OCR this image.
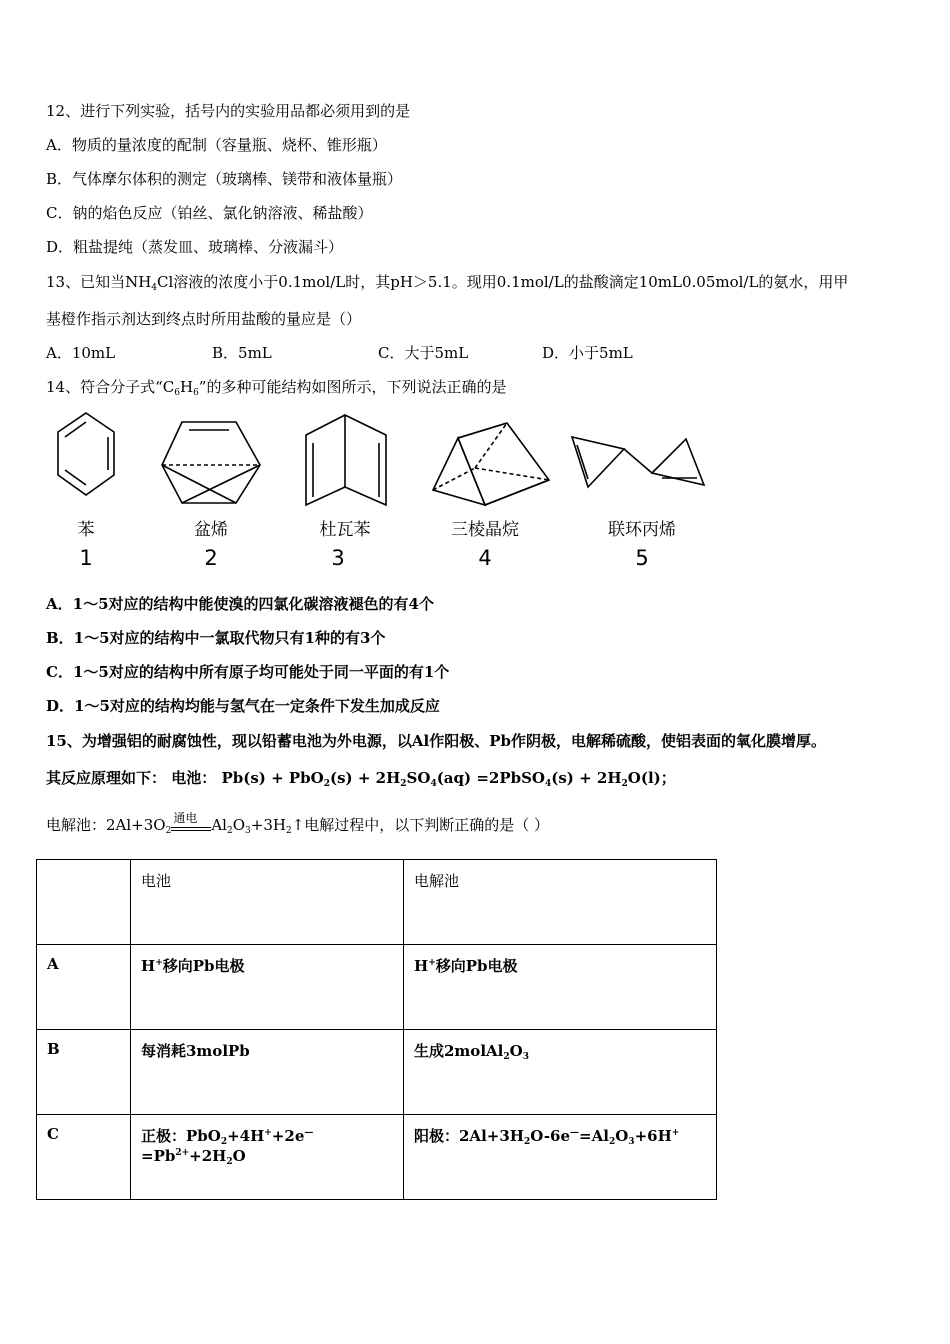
12、进行下列实验，括号内的实验用品都必须用到的是
A．物质的量浓度的配制（容量瓶、烧杯、锥形瓶）
B．气体摩尔体积的测定（玻璃棒、镁带和液体量瓶）
C．钠的焰色反应（铂丝、氯化钠溶液、稀盐酸）
D．粗盐提纯（蒸发皿、玻璃棒、分液漏斗）
13、已知当$NH_4Cl$溶液的浓度小于0.1mol/L时，其pH＞5.1。现用0.1mol/L的盐酸滴定10mL0.05mol/L的氨水，用甲
基橙作指示剂达到终点时所用盐酸的量应是（）
A．10mL	B．5mL	C．大于5mL	D．小于5mL
14、符合分子式“$C_6H_6$”的多种可能结构如图所示，下列说法正确的是
苯	盆烯	杜瓦苯	三棱晶烷	联环丙烯
1	2	3	4	5
A．1～5对应的结构中能使溴的四氯化碳溶液褪色的有4个
B．1～5对应的结构中一氯取代物只有1种的有3个
C．1～5对应的结构中所有原子均可能处于同一平面的有1个
D．1～5对应的结构均能与氢气在一定条件下发生加成反应
15、为增强铝的耐腐蚀性，现以铅蓄电池为外电源，以Al作阳极、Pb作阴极，电解稀硫酸，使铝表面的氧化膜增厚。
其反应原理如下： 电池： $Pb(s) + PbO_2(s) + 2H_2SO_4(aq)$ =2PbSO$_4$(s) + $2H_2O(l)$；
电解池：$2Al+3O_2$
通电 $Al_2O_3+3H_2↑$电解过程中，以下判断正确的是（ ）
	电池	电解池
A	H+移向Pb电极	H+移向Pb电极
B	每消耗3molPb	生成$2molAl_2O_3$
C	正极：$PbO_2+4H^++2e^—=Pb^{2+}+2H_2O$	阳极：$2Al+3H_2O-6e^—=Al_2O_3+6H^+$
